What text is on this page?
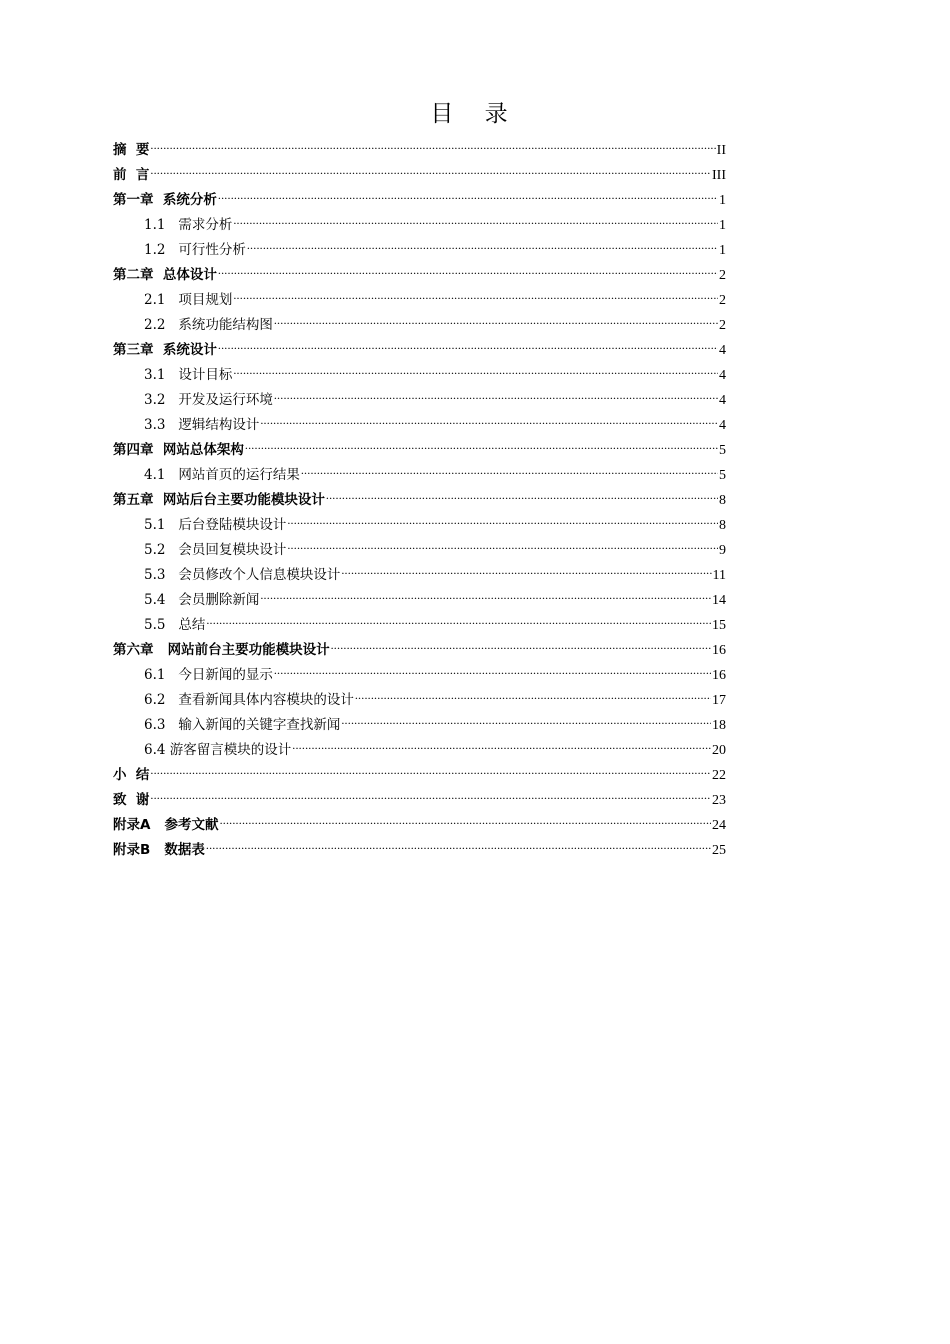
目 录
摘  要 .....	II
前  言 .....	III
第一章  系统分析 .....	1
1.1   需求分析 .....	1
1.2   可行性分析 .....	1
第二章  总体设计 .....	2
2.1   项目规划 .....	2
2.2   系统功能结构图 .....	2
第三章  系统设计 .....	4
3.1   设计目标 .....	4
3.2   开发及运行环境 .....	4
3.3   逻辑结构设计 .....	4
第四章  网站总体架构 .....	5
4.1   网站首页的运行结果 .....	5
第五章  网站后台主要功能模块设计 .....	8
5.1   后台登陆模块设计 .....	8
5.2   会员回复模块设计 .....	9
5.3   会员修改个人信息模块设计 .....	11
5.4   会员删除新闻 .....	14
5.5   总结 .....	15
第六章   网站前台主要功能模块设计 .....	16
6.1   今日新闻的显示 .....	16
6.2   查看新闻具体内容模块的设计 .....	17
6.3   输入新闻的关键字查找新闻 .....	18
6.4 游客留言模块的设计 .....	20
小  结 .....	22
致  谢 .....	23
附录A   参考文献 .....	24
附录B   数据表 .....	25
